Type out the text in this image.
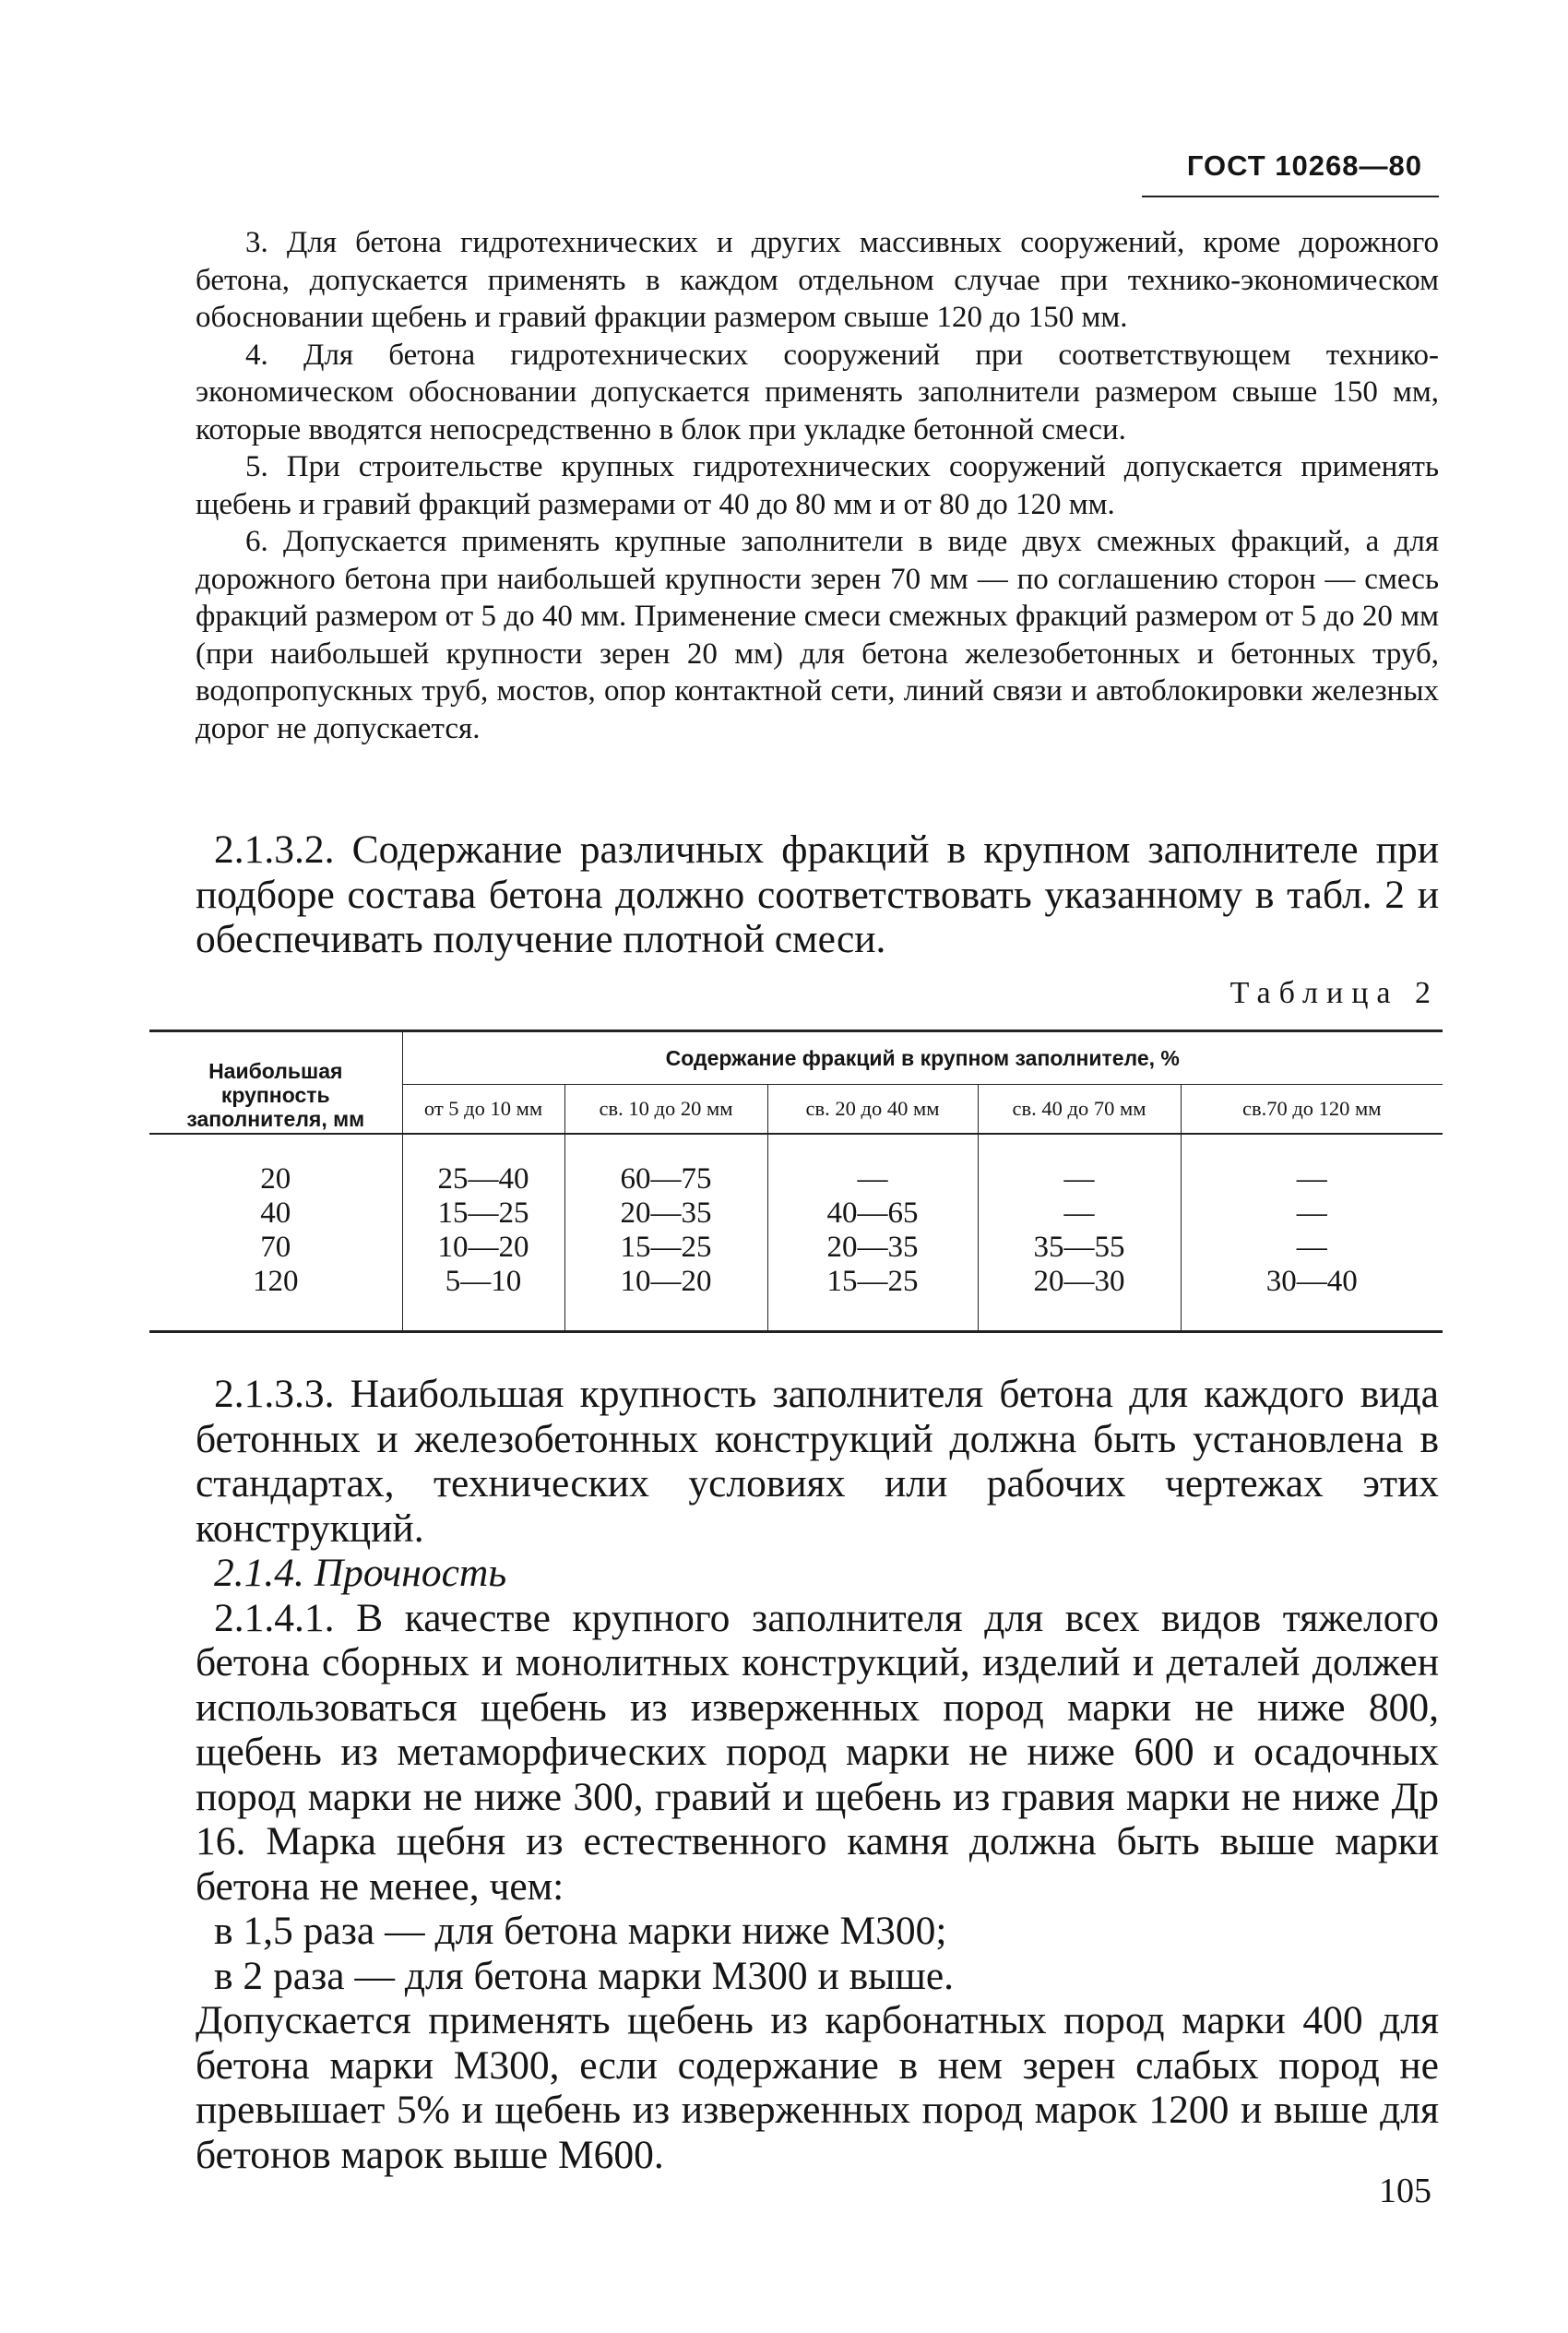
ГОСТ 10268—80

3. Для бетона гидротехнических и других массивных сооружений, кроме дорожного бетона, допускается применять в каждом отдельном случае при технико-экономическом обосновании щебень и гравий фракции размером свыше 120 до 150 мм.

4. Для бетона гидротехнических сооружений при соответствующем технико-экономическом обосновании допускается применять заполнители размером свыше 150 мм, которые вводятся непосредственно в блок при укладке бетонной смеси.

5. При строительстве крупных гидротехнических сооружений допускается применять щебень и гравий фракций размерами от 40 до 80 мм и от 80 до 120 мм.

6. Допускается применять крупные заполнители в виде двух смежных фракций, а для дорожного бетона при наибольшей крупности зерен 70 мм — по соглашению сторон — смесь фракций размером от 5 до 40 мм. Применение смеси смежных фракций размером от 5 до 20 мм (при наибольшей крупности зерен 20 мм) для бетона железобетонных и бетонных труб, водопропускных труб, мостов, опор контактной сети, линий связи и автоблокировки железных дорог не допускается.

2.1.3.2. Содержание различных фракций в крупном заполнителе при подборе состава бетона должно соответствовать указанному в табл. 2 и обеспечивать получение плотной смеси.

Таблица 2
Наибольшая крупность заполнителя, мм	Содержание фракций в крупном заполнителе, %				
	от 5 до 10 мм	св. 10 до 20 мм	св. 20 до 40 мм	св. 40 до 70 мм	св.70 до 120 мм
20	25—40	60—75	—	—	—
40	15—25	20—35	40—65	—	—
70	10—20	15—25	20—35	35—55	—
120	5—10	10—20	15—25	20—30	30—40

2.1.3.3. Наибольшая крупность заполнителя бетона для каждого вида бетонных и железобетонных конструкций должна быть установлена в стандартах, технических условиях или рабочих чертежах этих конструкций.

2.1.4. Прочность

2.1.4.1. В качестве крупного заполнителя для всех видов тяжелого бетона сборных и монолитных конструкций, изделий и деталей должен использоваться щебень из изверженных пород марки не ниже 800, щебень из метаморфических пород марки не ниже 600 и осадочных пород марки не ниже 300, гравий и щебень из гравия марки не ниже Др 16. Марка щебня из естественного камня должна быть выше марки бетона не менее, чем:

в 1,5 раза — для бетона марки ниже М300;

в 2 раза — для бетона марки М300 и выше.

Допускается применять щебень из карбонатных пород марки 400 для бетона марки М300, если содержание в нем зерен слабых пород не превышает 5% и щебень из изверженных пород марок 1200 и выше для бетонов марок выше М600.

105
